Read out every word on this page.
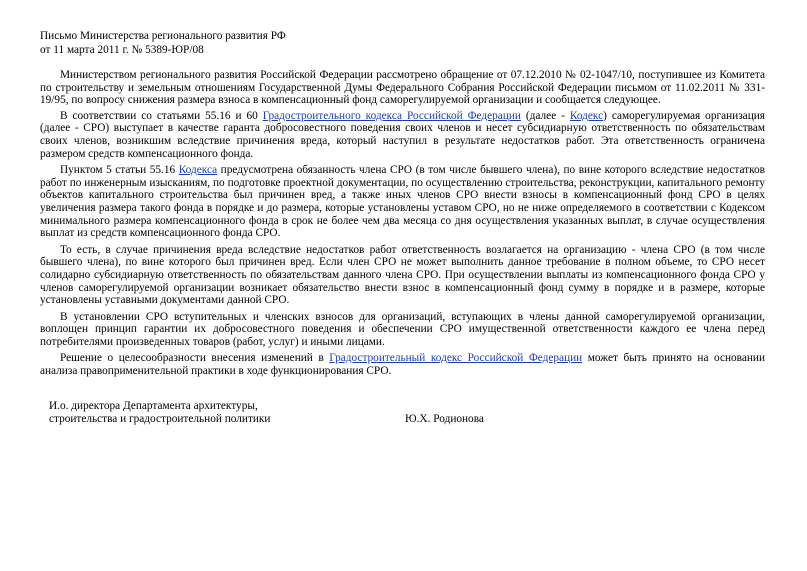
Письмо Министерства регионального развития РФ
от 11 марта 2011 г. № 5389-ЮР/08

Министерством регионального развития Российской Федерации рассмотрено обращение от 07.12.2010 № 02-1047/10, поступившее из Комитета по строительству и земельным отношениям Государственной Думы Федерального Собрания Российской Федерации письмом от 11.02.2011 № 331-19/95, по вопросу снижения размера взноса в компенсационный фонд саморегулируемой организации и сообщается следующее.

В соответствии со статьями 55.16 и 60 Градостроительного кодекса Российской Федерации (далее - Кодекс) саморегулируемая организация (далее - СРО) выступает в качестве гаранта добросовестного поведения своих членов и несет субсидиарную ответственность по обязательствам своих членов, возникшим вследствие причинения вреда, который наступил в результате недостатков работ. Эта ответственность ограничена размером средств компенсационного фонда.

Пунктом 5 статьи 55.16 Кодекса предусмотрена обязанность члена СРО (в том числе бывшего члена), по вине которого вследствие недостатков работ по инженерным изысканиям, по подготовке проектной документации, по осуществлению строительства, реконструкции, капитального ремонту объектов капитального строительства был причинен вред, а также иных членов СРО внести взносы в компенсационный фонд СРО в целях увеличения размера такого фонда в порядке и до размера, которые установлены уставом СРО, но не ниже определяемого в соответствии с Кодексом минимального размера компенсационного фонда в срок не более чем два месяца со дня осуществления указанных выплат, в случае осуществления выплат из средств компенсационного фонда СРО.

То есть, в случае причинения вреда вследствие недостатков работ ответственность возлагается на организацию - члена СРО (в том числе бывшего члена), по вине которого был причинен вред. Если член СРО не может выполнить данное требование в полном объеме, то СРО несет солидарно субсидиарную ответственность по обязательствам данного члена СРО. При осуществлении выплаты из компенсационного фонда СРО у членов саморегулируемой организации возникает обязательство внести взнос в компенсационный фонд сумму в порядке и в размере, которые установлены уставными документами данной СРО.

В установлении СРО вступительных и членских взносов для организаций, вступающих в члены данной саморегулируемой организации, воплощен принцип гарантии их добросовестного поведения и обеспечении СРО имущественной ответственности каждого ее члена перед потребителями произведенных товаров (работ, услуг) и иными лицами.

Решение о целесообразности внесения изменений в Градостроительный кодекс Российской Федерации может быть принято на основании анализа правоприменительной практики в ходе функционирования СРО.

И.о. директора Департамента архитектуры,
строительства и градостроительной политики	Ю.Х. Родионова
